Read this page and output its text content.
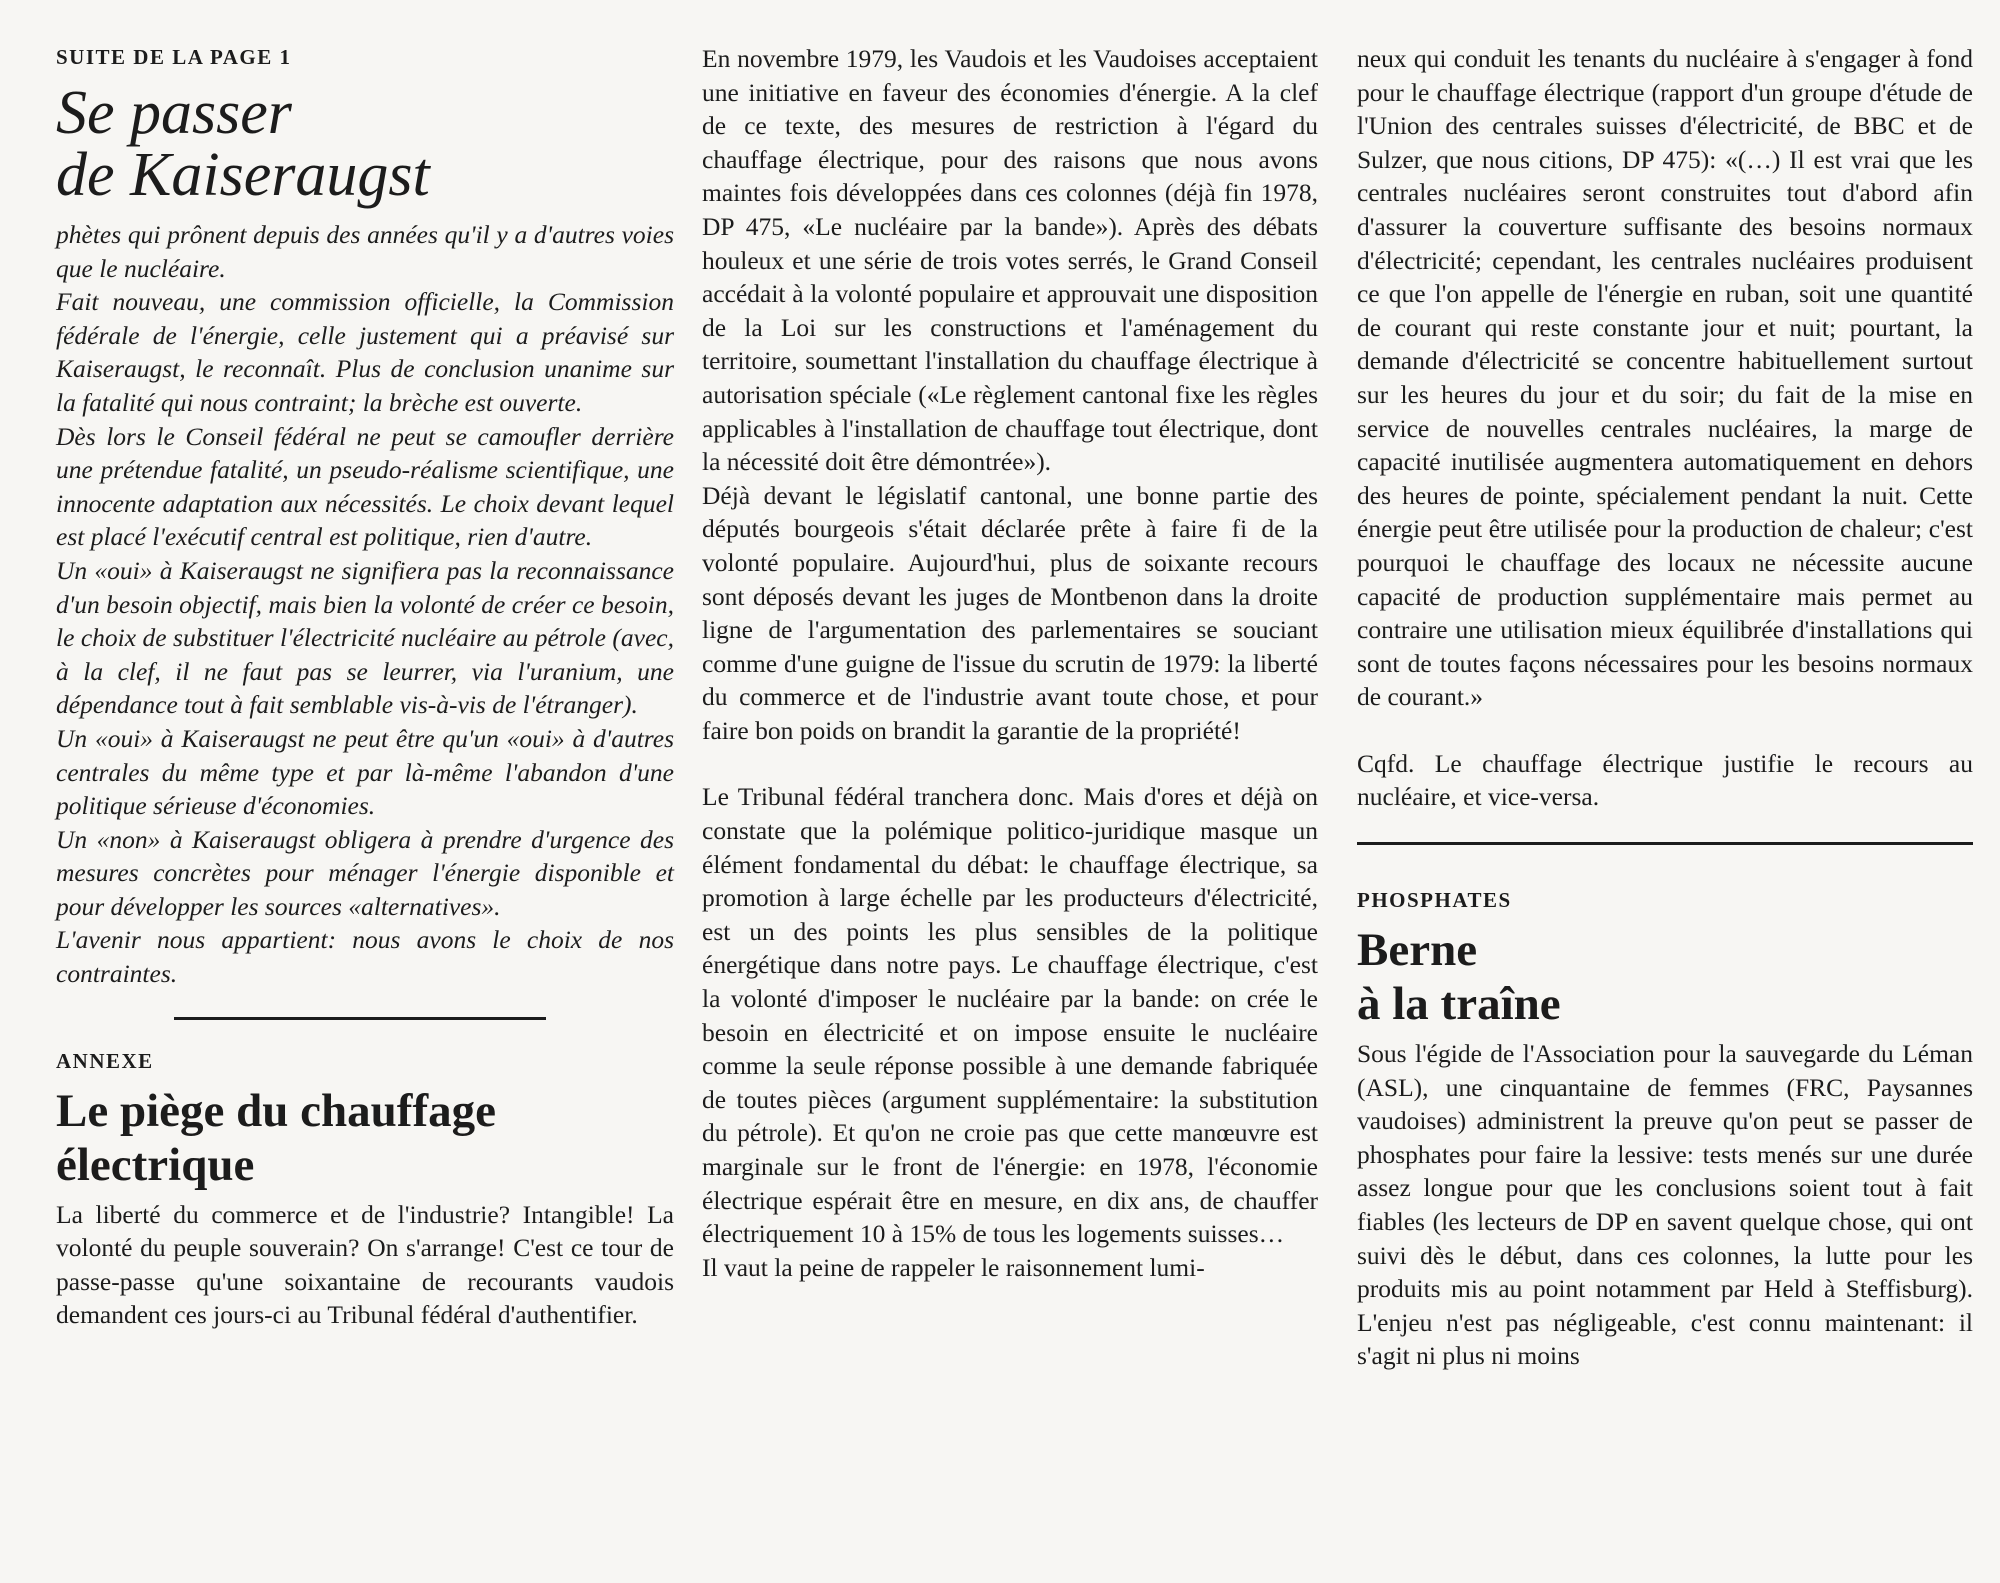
SUITE DE LA PAGE 1

Se passer
de Kaiseraugst

phètes qui prônent depuis des années qu'il y a d'autres voies que le nucléaire.

Fait nouveau, une commission officielle, la Commission fédérale de l'énergie, celle justement qui a préavisé sur Kaiseraugst, le reconnaît. Plus de conclusion unanime sur la fatalité qui nous contraint; la brèche est ouverte.

Dès lors le Conseil fédéral ne peut se camoufler derrière une prétendue fatalité, un pseudo-réalisme scientifique, une innocente adaptation aux nécessités. Le choix devant lequel est placé l'exécutif central est politique, rien d'autre.

Un «oui» à Kaiseraugst ne signifiera pas la reconnaissance d'un besoin objectif, mais bien la volonté de créer ce besoin, le choix de substituer l'électricité nucléaire au pétrole (avec, à la clef, il ne faut pas se leurrer, via l'uranium, une dépendance tout à fait semblable vis-à-vis de l'étranger).

Un «oui» à Kaiseraugst ne peut être qu'un «oui» à d'autres centrales du même type et par là-même l'abandon d'une politique sérieuse d'économies.

Un «non» à Kaiseraugst obligera à prendre d'urgence des mesures concrètes pour ménager l'énergie disponible et pour développer les sources «alternatives».

L'avenir nous appartient: nous avons le choix de nos contraintes.

ANNEXE

Le piège du chauffage
électrique

La liberté du commerce et de l'industrie? Intangible! La volonté du peuple souverain? On s'arrange! C'est ce tour de passe-passe qu'une soixantaine de recourants vaudois demandent ces jours-ci au Tribunal fédéral d'authentifier.

En novembre 1979, les Vaudois et les Vaudoises acceptaient une initiative en faveur des économies d'énergie. A la clef de ce texte, des mesures de restriction à l'égard du chauffage électrique, pour des raisons que nous avons maintes fois développées dans ces colonnes (déjà fin 1978, DP 475, «Le nucléaire par la bande»). Après des débats houleux et une série de trois votes serrés, le Grand Conseil accédait à la volonté populaire et approuvait une disposition de la Loi sur les constructions et l'aménagement du territoire, soumettant l'installation du chauffage électrique à autorisation spéciale («Le règlement cantonal fixe les règles applicables à l'installation de chauffage tout électrique, dont la nécessité doit être démontrée»).

Déjà devant le législatif cantonal, une bonne partie des députés bourgeois s'était déclarée prête à faire fi de la volonté populaire. Aujourd'hui, plus de soixante recours sont déposés devant les juges de Montbenon dans la droite ligne de l'argumentation des parlementaires se souciant comme d'une guigne de l'issue du scrutin de 1979: la liberté du commerce et de l'industrie avant toute chose, et pour faire bon poids on brandit la garantie de la propriété!

Le Tribunal fédéral tranchera donc. Mais d'ores et déjà on constate que la polémique politico-juridique masque un élément fondamental du débat: le chauffage électrique, sa promotion à large échelle par les producteurs d'électricité, est un des points les plus sensibles de la politique énergétique dans notre pays. Le chauffage électrique, c'est la volonté d'imposer le nucléaire par la bande: on crée le besoin en électricité et on impose ensuite le nucléaire comme la seule réponse possible à une demande fabriquée de toutes pièces (argument supplémentaire: la substitution du pétrole). Et qu'on ne croie pas que cette manœuvre est marginale sur le front de l'énergie: en 1978, l'économie électrique espérait être en mesure, en dix ans, de chauffer électriquement 10 à 15% de tous les logements suisses…

Il vaut la peine de rappeler le raisonnement lumi-

neux qui conduit les tenants du nucléaire à s'engager à fond pour le chauffage électrique (rapport d'un groupe d'étude de l'Union des centrales suisses d'électricité, de BBC et de Sulzer, que nous citions, DP 475): «(…) Il est vrai que les centrales nucléaires seront construites tout d'abord afin d'assurer la couverture suffisante des besoins normaux d'électricité; cependant, les centrales nucléaires produisent ce que l'on appelle de l'énergie en ruban, soit une quantité de courant qui reste constante jour et nuit; pourtant, la demande d'électricité se concentre habituellement surtout sur les heures du jour et du soir; du fait de la mise en service de nouvelles centrales nucléaires, la marge de capacité inutilisée augmentera automatiquement en dehors des heures de pointe, spécialement pendant la nuit. Cette énergie peut être utilisée pour la production de chaleur; c'est pourquoi le chauffage des locaux ne nécessite aucune capacité de production supplémentaire mais permet au contraire une utilisation mieux équilibrée d'installations qui sont de toutes façons nécessaires pour les besoins normaux de courant.»

Cqfd. Le chauffage électrique justifie le recours au nucléaire, et vice-versa.

PHOSPHATES

Berne
à la traîne

Sous l'égide de l'Association pour la sauvegarde du Léman (ASL), une cinquantaine de femmes (FRC, Paysannes vaudoises) administrent la preuve qu'on peut se passer de phosphates pour faire la lessive: tests menés sur une durée assez longue pour que les conclusions soient tout à fait fiables (les lecteurs de DP en savent quelque chose, qui ont suivi dès le début, dans ces colonnes, la lutte pour les produits mis au point notamment par Held à Steffisburg). L'enjeu n'est pas négligeable, c'est connu maintenant: il s'agit ni plus ni moins
